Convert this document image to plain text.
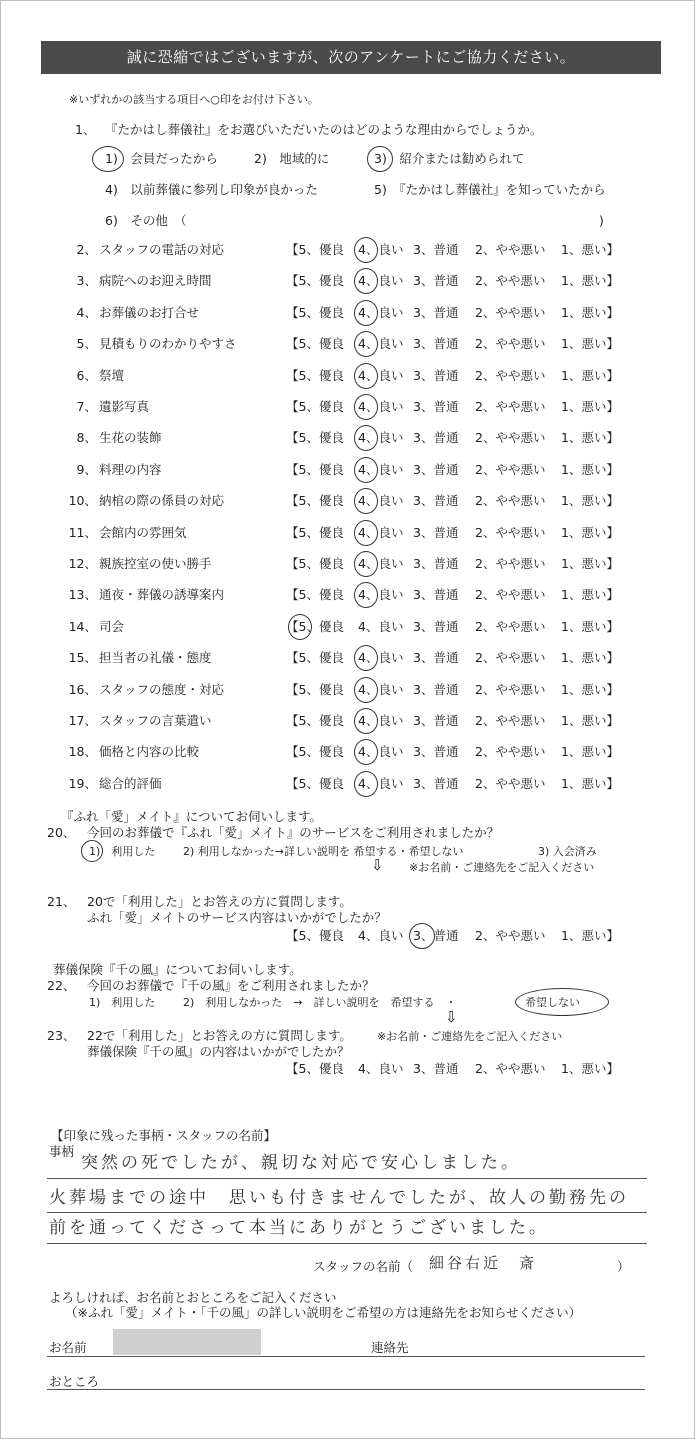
誠に恐縮ではございますが、次のアンケートにご協力ください。
※いずれかの該当する項目へ○印をお付け下さい。
1、 『たかはし葬儀社』をお選びいただいたのはどのような理由からでしょうか。
1)　会員だったから	2)　地域的に	3)　紹介または勧められて
4)　以前葬儀に参列し印象が良かった	5)　『たかはし葬儀社』を知っていたから
6)　その他　（	)
2、 スタッフの電話の対応	【5、優良 4、良い 3、普通 2、やや悪い 1、悪い】
3、 病院へのお迎え時間	【5、優良 4、良い 3、普通 2、やや悪い 1、悪い】
4、 お葬儀のお打合せ	【5、優良 4、良い 3、普通 2、やや悪い 1、悪い】
5、 見積もりのわかりやすさ	【5、優良 4、良い 3、普通 2、やや悪い 1、悪い】
6、 祭壇	【5、優良 4、良い 3、普通 2、やや悪い 1、悪い】
7、 遺影写真	【5、優良 4、良い 3、普通 2、やや悪い 1、悪い】
8、 生花の装飾	【5、優良 4、良い 3、普通 2、やや悪い 1、悪い】
9、 料理の内容	【5、優良 4、良い 3、普通 2、やや悪い 1、悪い】
10、 納棺の際の係員の対応	【5、優良 4、良い 3、普通 2、やや悪い 1、悪い】
11、 会館内の雰囲気	【5、優良 4、良い 3、普通 2、やや悪い 1、悪い】
12、 親族控室の使い勝手	【5、優良 4、良い 3、普通 2、やや悪い 1、悪い】
13、 通夜・葬儀の誘導案内	【5、優良 4、良い 3、普通 2、やや悪い 1、悪い】
14、 司会	【5、優良 4、良い 3、普通 2、やや悪い 1、悪い】
15、 担当者の礼儀・態度	【5、優良 4、良い 3、普通 2、やや悪い 1、悪い】
16、 スタッフの態度・対応	【5、優良 4、良い 3、普通 2、やや悪い 1、悪い】
17、 スタッフの言葉遣い	【5、優良 4、良い 3、普通 2、やや悪い 1、悪い】
18、 価格と内容の比較	【5、優良 4、良い 3、普通 2、やや悪い 1、悪い】
19、 総合的評価	【5、優良 4、良い 3、普通 2、やや悪い 1、悪い】
『ふれ「愛」メイト』についてお伺いします。
20、 今回のお葬儀で『ふれ「愛」メイト』のサービスをご利用されましたか？
1)　利用した	2) 利用しなかった→詳しい説明を 希望する・希望しない	3) 入会済み
⇩ ※お名前・ご連絡先をご記入ください
21、 20で「利用した」とお答えの方に質問します。
ふれ「愛」メイトのサービス内容はいかがでしたか？
【5、優良 4、良い 3、普通 2、やや悪い 1、悪い】
葬儀保険『千の風』についてお伺いします。
22、 今回のお葬儀で『千の風』をご利用されましたか？
1)　利用した	2)　利用しなかった　→　詳しい説明を　希望する　・	希望しない
⇩
23、 22で「利用した」とお答えの方に質問します。 ※お名前・ご連絡先をご記入ください
葬儀保険『千の風』の内容はいかがでしたか？
【5、優良 4、良い 3、普通 2、やや悪い 1、悪い】
【印象に残った事柄・スタッフの名前】
事柄
突然の死でしたが、親切な対応で安心しました。
火葬場までの途中　思いも付きませんでしたが、故人の勤務先の
前を通ってくださって本当にありがとうございました。
スタッフの名前（ 細谷右近　斎	）
よろしければ、お名前とおところをご記入ください
（※ふれ「愛」メイト・「千の風」の詳しい説明をご希望の方は連絡先をお知らせください）
お名前	連絡先
おところ
